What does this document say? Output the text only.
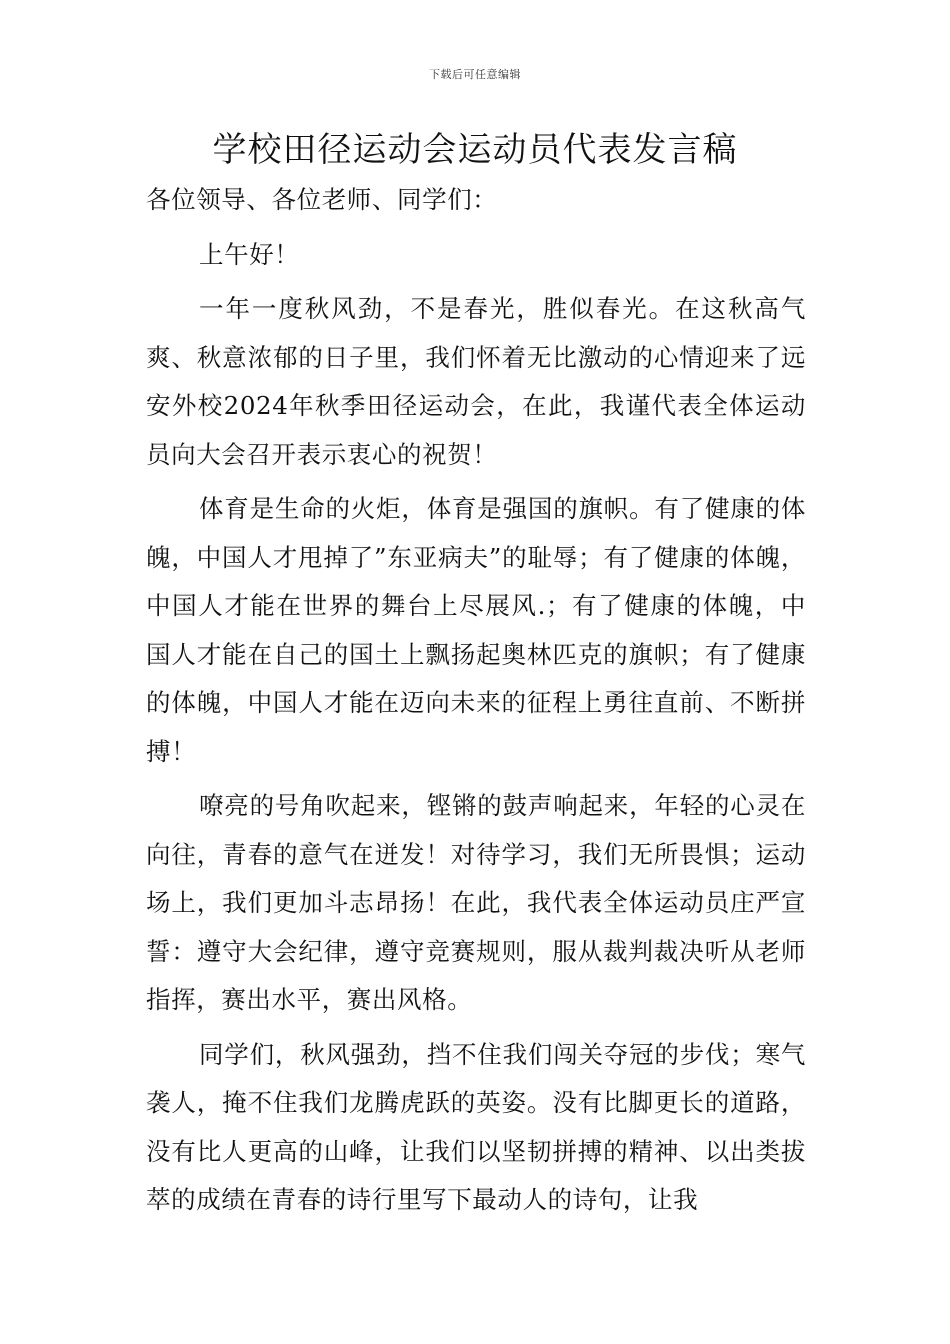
下载后可任意编辑
学校田径运动会运动员代表发言稿

各位领导、各位老师、同学们：

上午好！

一年一度秋风劲，不是春光，胜似春光。在这秋高气爽、秋意浓郁的日子里，我们怀着无比激动的心情迎来了远安外校2024年秋季田径运动会，在此，我谨代表全体运动员向大会召开表示衷心的祝贺！

体育是生命的火炬，体育是强国的旗帜。有了健康的体魄，中国人才甩掉了”东亚病夫”的耻辱；有了健康的体魄，中国人才能在世界的舞台上尽展风.；有了健康的体魄，中国人才能在自己的国土上飘扬起奥林匹克的旗帜；有了健康的体魄，中国人才能在迈向未来的征程上勇往直前、不断拼搏！

嘹亮的号角吹起来，铿锵的鼓声响起来，年轻的心灵在向往，青春的意气在迸发！对待学习，我们无所畏惧；运动场上，我们更加斗志昂扬！在此，我代表全体运动员庄严宣誓：遵守大会纪律，遵守竞赛规则，服从裁判裁决听从老师指挥，赛出水平，赛出风格。

同学们，秋风强劲，挡不住我们闯关夺冠的步伐；寒气袭人，掩不住我们龙腾虎跃的英姿。没有比脚更长的道路，没有比人更高的山峰，让我们以坚韧拼搏的精神、以出类拔萃的成绩在青春的诗行里写下最动人的诗句，让我
